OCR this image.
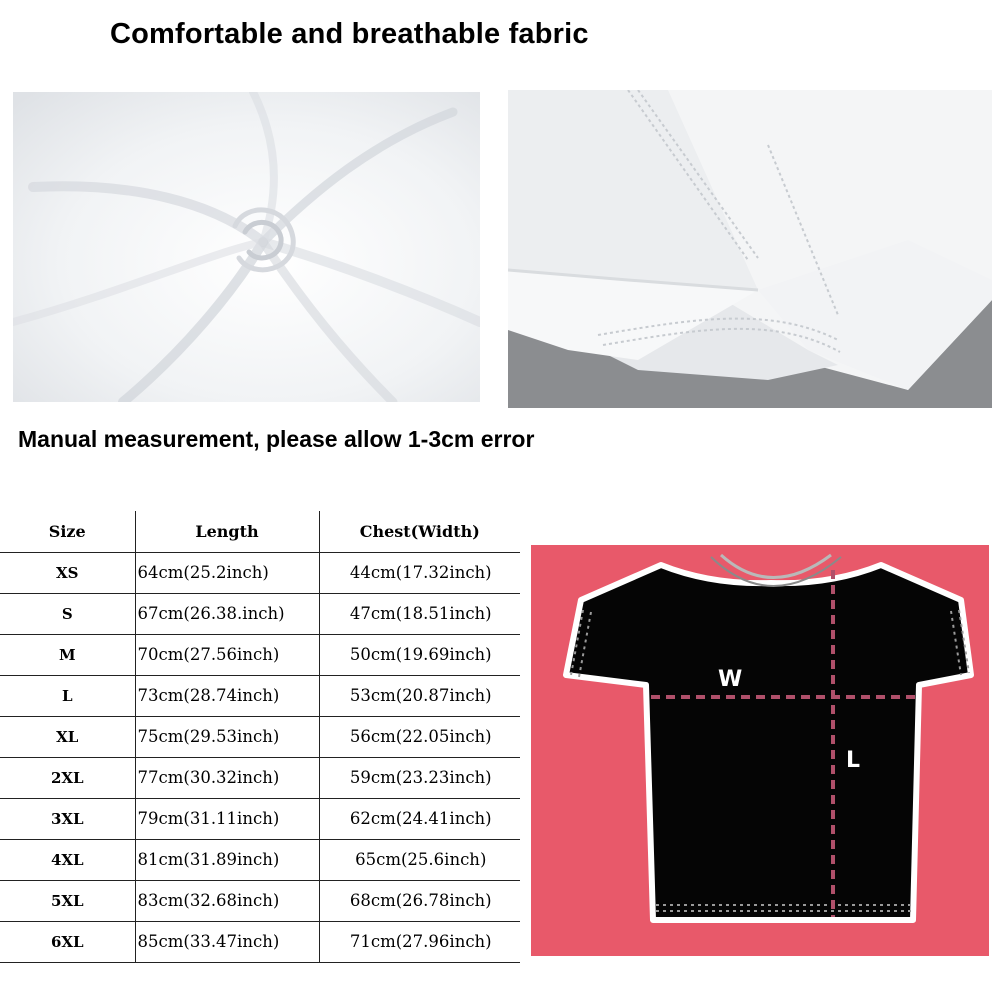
Comfortable and breathable fabric
Manual measurement, please allow 1-3cm error
Size	Length	Chest(Width)
XS	64cm(25.2inch)	44cm(17.32inch)
S	67cm(26.38.inch)	47cm(18.51inch)
M	70cm(27.56inch)	50cm(19.69inch)
L	73cm(28.74inch)	53cm(20.87inch)
XL	75cm(29.53inch)	56cm(22.05inch)
2XL	77cm(30.32inch)	59cm(23.23inch)
3XL	79cm(31.11inch)	62cm(24.41inch)
4XL	81cm(31.89inch)	65cm(25.6inch)
5XL	83cm(32.68inch)	68cm(26.78inch)
6XL	85cm(33.47inch)	71cm(27.96inch)
W
L
